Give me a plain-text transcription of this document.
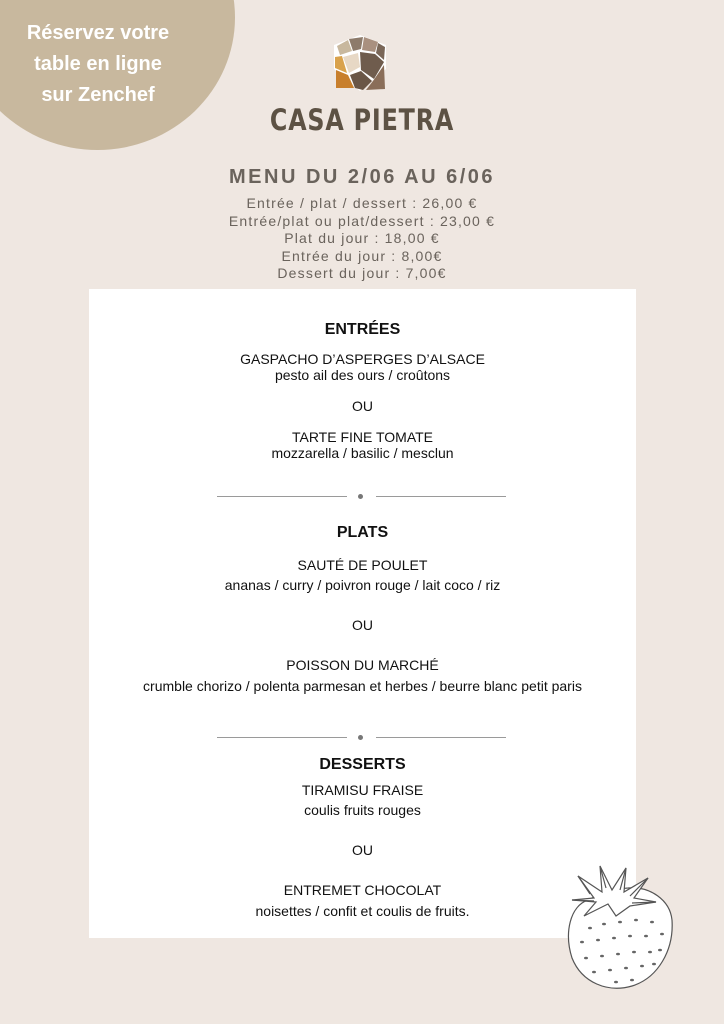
Réservez votre
table en ligne
sur Zenchef
CASA PIETRA
MENU DU 2/06 AU 6/06
Entrée / plat / dessert : 26,00 €
Entrée/plat ou plat/dessert : 23,00 €
Plat du jour : 18,00 €
Entrée du jour : 8,00€
Dessert du jour : 7,00€
ENTRÉES
GASPACHO D’ASPERGES D’ALSACE
pesto ail des ours / croûtons
OU
TARTE FINE TOMATE
mozzarella / basilic / mesclun
PLATS
SAUTÉ DE POULET
ananas / curry / poivron rouge / lait coco / riz
OU
POISSON DU MARCHÉ
crumble chorizo / polenta parmesan et herbes / beurre blanc petit paris
DESSERTS
TIRAMISU FRAISE
coulis fruits rouges
OU
ENTREMET CHOCOLAT
noisettes / confit et coulis de fruits.
